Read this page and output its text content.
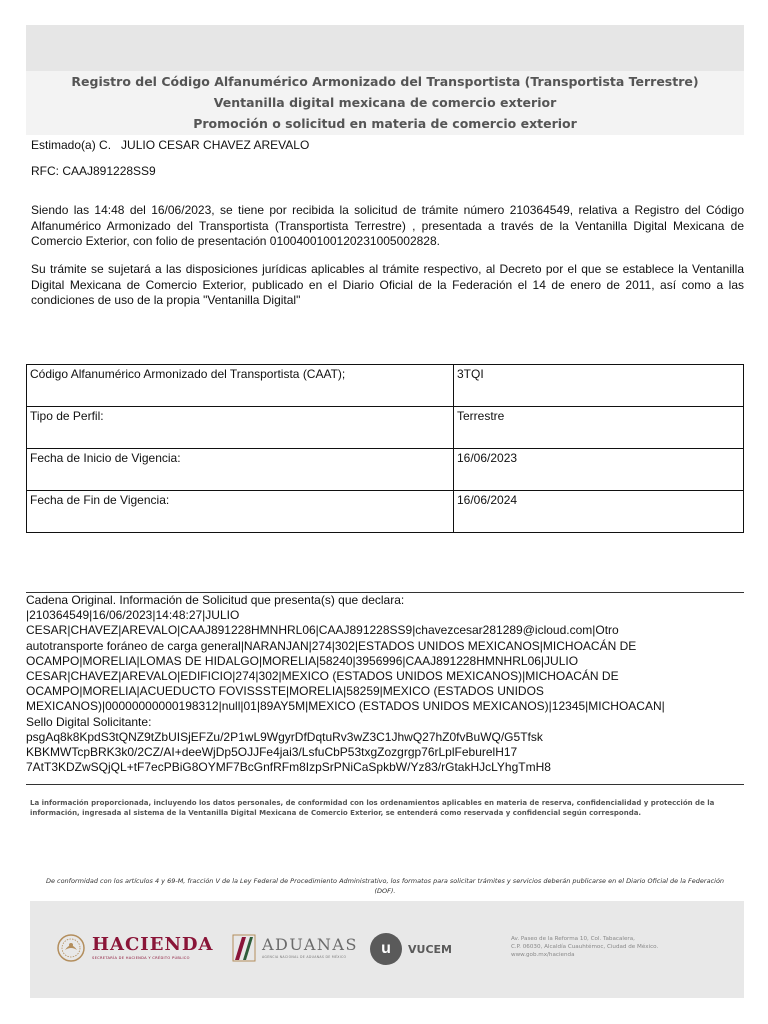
Registro del Código Alfanumérico Armonizado del Transportista (Transportista Terrestre)
Ventanilla digital mexicana de comercio exterior
Promoción o solicitud en materia de comercio exterior
Estimado(a) C.   JULIO CESAR CHAVEZ AREVALO
RFC: CAAJ891228SS9
Siendo las 14:48 del 16/06/2023, se tiene por recibida la solicitud de trámite número 210364549, relativa a Registro del Código Alfanumérico Armonizado del Transportista (Transportista Terrestre) , presentada a través de la Ventanilla Digital Mexicana de Comercio Exterior, con folio de presentación 0100400100120231005002828.
Su trámite se sujetará a las disposiciones jurídicas aplicables al trámite respectivo, al Decreto por el que se establece la Ventanilla Digital Mexicana de Comercio Exterior, publicado en el Diario Oficial de la Federación el 14 de enero de 2011, así como a las condiciones de uso de la propia "Ventanilla Digital"
Código Alfanumérico Armonizado del Transportista (CAAT);	3TQI
Tipo de Perfil:	Terrestre
Fecha de Inicio de Vigencia:	16/06/2023
Fecha de Fin de Vigencia:	16/06/2024
Cadena Original. Información de Solicitud que presenta(s) que declara:
|210364549|16/06/2023|14:48:27|JULIO
CESAR|CHAVEZ|AREVALO|CAAJ891228HMNHRL06|CAAJ891228SS9|chavezcesar281289@icloud.com|Otro
autotransporte foráneo de carga general|NARANJAN|274|302|ESTADOS UNIDOS MEXICANOS|MICHOACÁN DE
OCAMPO|MORELIA|LOMAS DE HIDALGO|MORELIA|58240|3956996|CAAJ891228HMNHRL06|JULIO
CESAR|CHAVEZ|AREVALO|EDIFICIO|274|302|MEXICO (ESTADOS UNIDOS MEXICANOS)|MICHOACÁN DE
OCAMPO|MORELIA|ACUEDUCTO FOVISSSTE|MORELIA|58259|MEXICO (ESTADOS UNIDOS
MEXICANOS)|00000000000198312|null|01|89AY5M|MEXICO (ESTADOS UNIDOS MEXICANOS)|12345|MICHOACAN|
Sello Digital Solicitante:
psgAq8k8KpdS3tQNZ9tZbUISjEFZu/2P1wL9WgyrDfDqtuRv3wZ3C1JhwQ27hZ0fvBuWQ/G5Tfsk
KBKMWTcpBRK3k0/2CZ/AI+deeWjDp5OJJFe4jai3/LsfuCbP53txgZozgrgp76rLplFeburelH17
7AtT3KDZwSQjQL+tF7ecPBiG8OYMF7BcGnfRFm8IzpSrPNiCaSpkbW/Yz83/rGtakHJcLYhgTmH8
La información proporcionada, incluyendo los datos personales, de conformidad con los ordenamientos aplicables en materia de reserva, confidencialidad y protección de la información, ingresada al sistema de la Ventanilla Digital Mexicana de Comercio Exterior, se entenderá como reservada y confidencial según corresponda.
De conformidad con los artículos 4 y 69-M, fracción V de la Ley Federal de Procedimiento Administrativo, los formatos para solicitar trámites y servicios deberán publicarse en el Diario Oficial de la Federación (DOF).
HACIENDA
SECRETARÍA DE HACIENDA Y CRÉDITO PÚBLICO
ADUANAS
AGENCIA NACIONAL DE ADUANAS DE MÉXICO	u	VUCEM
Av. Paseo de la Reforma 10, Col. Tabacalera,
C.P. 06030, Alcaldía Cuauhtémoc, Ciudad de México.
www.gob.mx/hacienda
